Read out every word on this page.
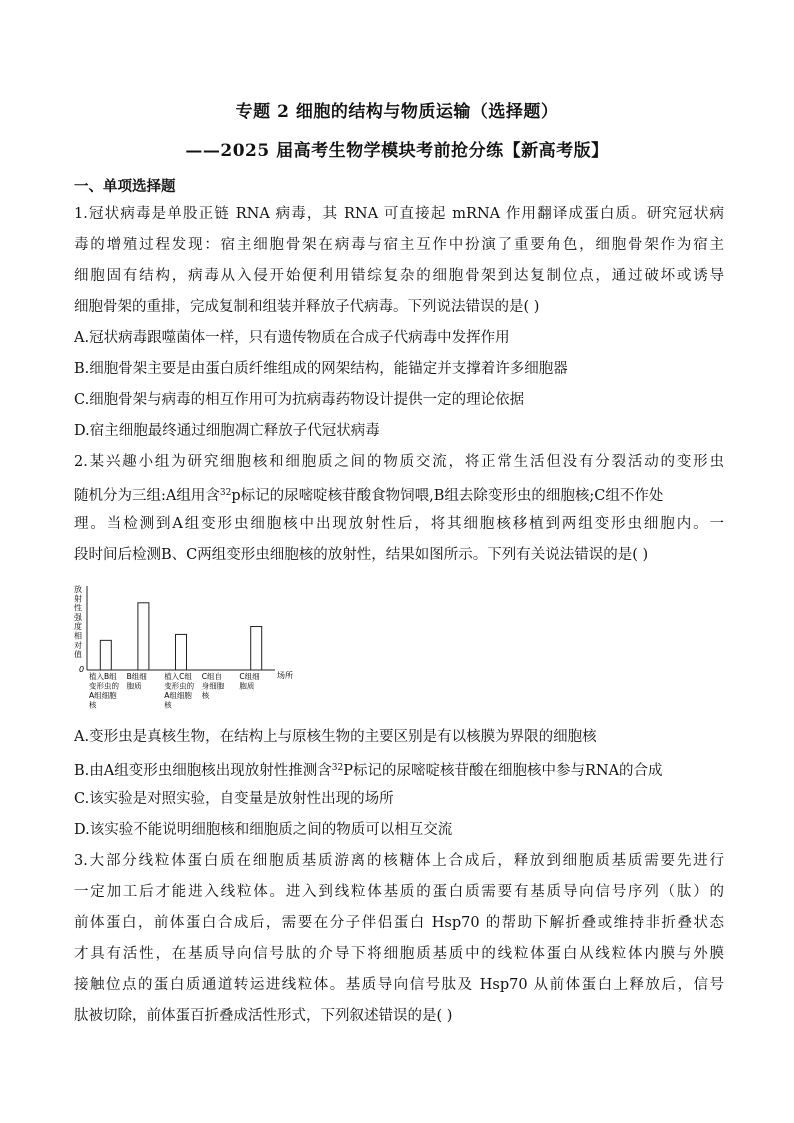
专题 2 细胞的结构与物质运输（选择题）
——2025 届高考生物学模块考前抢分练【新高考版】
一、单项选择题
1.冠状病毒是单股正链 RNA 病毒，其 RNA 可直接起 mRNA 作用翻译成蛋白质。研究冠状病
毒的增殖过程发现：宿主细胞骨架在病毒与宿主互作中扮演了重要角色，细胞骨架作为宿主
细胞固有结构，病毒从入侵开始便利用错综复杂的细胞骨架到达复制位点，通过破坏或诱导
细胞骨架的重排，完成复制和组装并释放子代病毒。下列说法错误的是( )
A.冠状病毒跟噬菌体一样，只有遗传物质在合成子代病毒中发挥作用
B.细胞骨架主要是由蛋白质纤维组成的网架结构，能锚定并支撑着许多细胞器
C.细胞骨架与病毒的相互作用可为抗病毒药物设计提供一定的理论依据
D.宿主细胞最终通过细胞凋亡释放子代冠状病毒
2.某兴趣小组为研究细胞核和细胞质之间的物质交流，将正常生活但没有分裂活动的变形虫
随机分为三组:A组用含$^{32}$p标记的尿嘧啶核苷酸食物饲喂,B组去除变形虫的细胞核;C组不作处
理。当检测到A组变形虫细胞核中出现放射性后，将其细胞核移植到两组变形虫细胞内。一
段时间后检测B、C两组变形虫细胞核的放射性，结果如图所示。下列有关说法错误的是( )
放
射
性
强
度
相
对
值
0
场所
植入B组
变形虫的
A组细胞
核
B组细
胞质
植入C组
变形虫的
A组细胞
核
C组自
身细胞
核
C组细
胞质
A.变形虫是真核生物，在结构上与原核生物的主要区别是有以核膜为界限的细胞核
B.由A组变形虫细胞核出现放射性推测含$^{32}$P标记的尿嘧啶核苷酸在细胞核中参与RNA的合成
C.该实验是对照实验，自变量是放射性出现的场所
D.该实验不能说明细胞核和细胞质之间的物质可以相互交流
3.大部分线粒体蛋白质在细胞质基质游离的核糖体上合成后，释放到细胞质基质需要先进行
一定加工后才能进入线粒体。进入到线粒体基质的蛋白质需要有基质导向信号序列（肽）的
前体蛋白，前体蛋白合成后，需要在分子伴侣蛋白 Hsp70 的帮助下解折叠或维持非折叠状态
才具有活性，在基质导向信号肽的介导下将细胞质基质中的线粒体蛋白从线粒体内膜与外膜
接触位点的蛋白质通道转运进线粒体。基质导向信号肽及 Hsp70 从前体蛋白上释放后，信号
肽被切除，前体蛋百折叠成活性形式，下列叙述错误的是( )
